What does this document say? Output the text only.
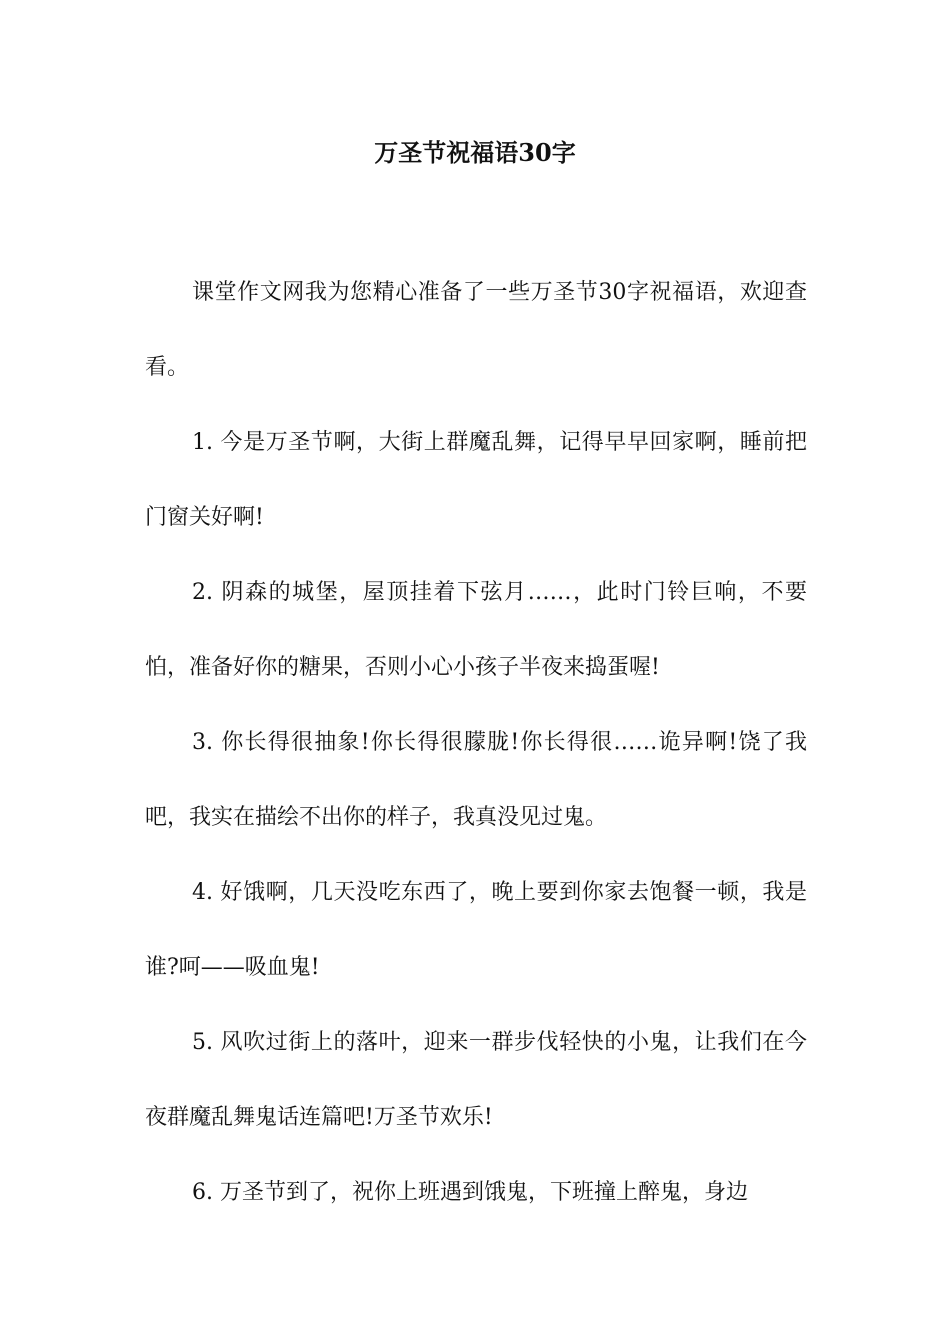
万圣节祝福语30字

课堂作文网我为您精心准备了一些万圣节30字祝福语，欢迎查看。

1. 今是万圣节啊，大街上群魔乱舞，记得早早回家啊，睡前把门窗关好啊!

2. 阴森的城堡，屋顶挂着下弦月……，此时门铃巨响，不要怕，准备好你的糖果，否则小心小孩子半夜来捣蛋喔!

3. 你长得很抽象!你长得很朦胧!你长得很……诡异啊!饶了我吧，我实在描绘不出你的样子，我真没见过鬼。

4. 好饿啊，几天没吃东西了，晚上要到你家去饱餐一顿，我是谁?呵——吸血鬼!

5. 风吹过街上的落叶，迎来一群步伐轻快的小鬼，让我们在今夜群魔乱舞鬼话连篇吧!万圣节欢乐!

6. 万圣节到了，祝你上班遇到饿鬼，下班撞上醉鬼，身边
